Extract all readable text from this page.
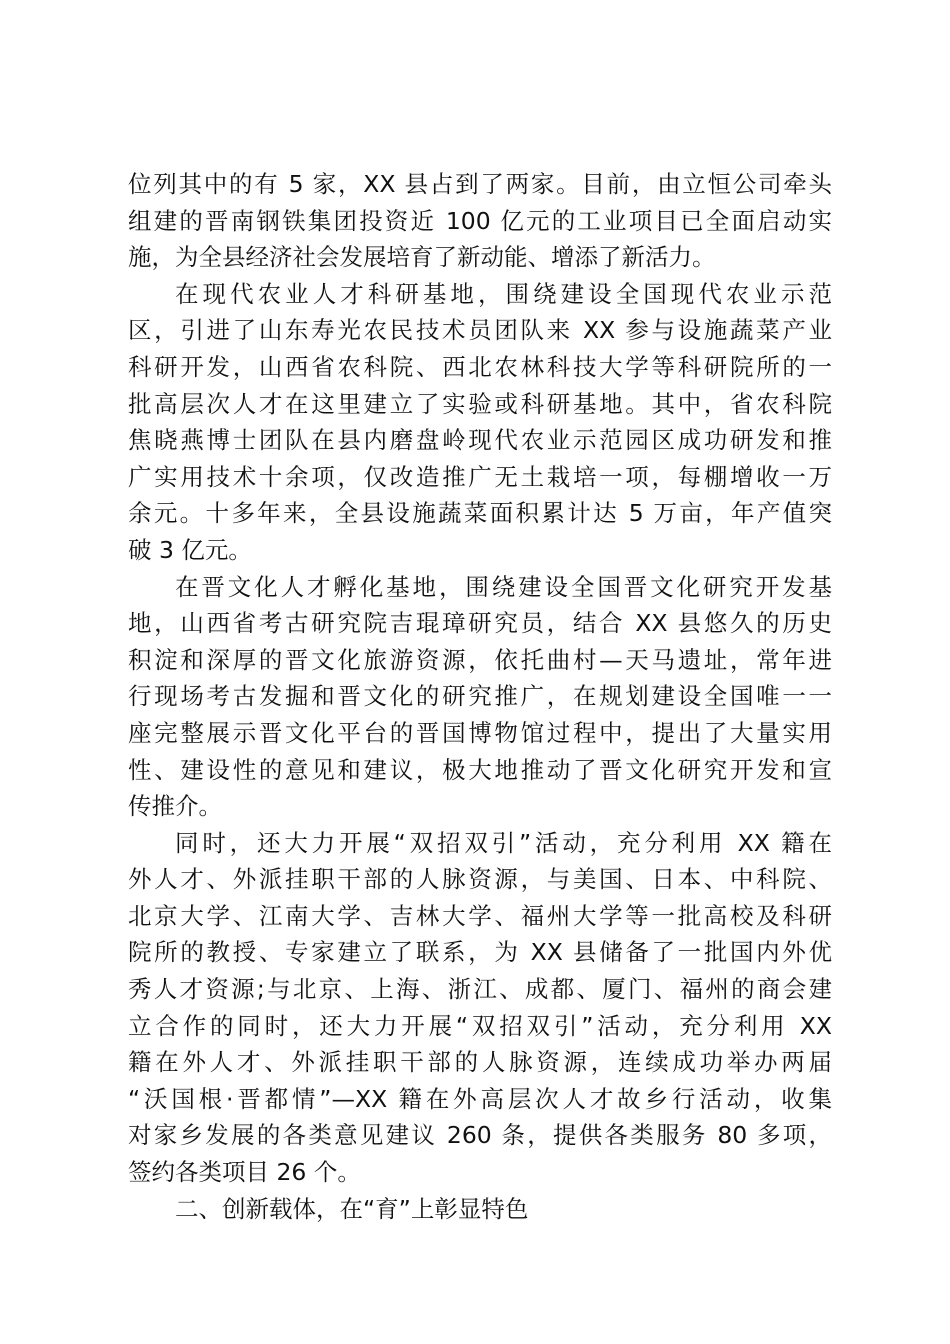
位列其中的有 5 家，XX 县占到了两家。目前，由立恒公司牵头
组建的晋南钢铁集团投资近 100 亿元的工业项目已全面启动实
施，为全县经济社会发展培育了新动能、增添了新活力。
在现代农业人才科研基地，围绕建设全国现代农业示范
区，引进了山东寿光农民技术员团队来 XX 参与设施蔬菜产业
科研开发，山西省农科院、西北农林科技大学等科研院所的一
批高层次人才在这里建立了实验或科研基地。其中，省农科院
焦晓燕博士团队在县内磨盘岭现代农业示范园区成功研发和推
广实用技术十余项，仅改造推广无土栽培一项，每棚增收一万
余元。十多年来，全县设施蔬菜面积累计达 5 万亩，年产值突
破 3 亿元。
在晋文化人才孵化基地，围绕建设全国晋文化研究开发基
地，山西省考古研究院吉琨璋研究员，结合 XX 县悠久的历史
积淀和深厚的晋文化旅游资源，依托曲村—天马遗址，常年进
行现场考古发掘和晋文化的研究推广，在规划建设全国唯一一
座完整展示晋文化平台的晋国博物馆过程中，提出了大量实用
性、建设性的意见和建议，极大地推动了晋文化研究开发和宣
传推介。
同时，还大力开展“双招双引”活动，充分利用 XX 籍在
外人才、外派挂职干部的人脉资源，与美国、日本、中科院、
北京大学、江南大学、吉林大学、福州大学等一批高校及科研
院所的教授、专家建立了联系，为 XX 县储备了一批国内外优
秀人才资源;与北京、上海、浙江、成都、厦门、福州的商会建
立合作的同时，还大力开展“双招双引”活动，充分利用 XX
籍在外人才、外派挂职干部的人脉资源，连续成功举办两届
“沃国根·晋都情”—XX 籍在外高层次人才故乡行活动，收集
对家乡发展的各类意见建议 260 条，提供各类服务 80 多项，
签约各类项目 26 个。
二、创新载体，在“育”上彰显特色
